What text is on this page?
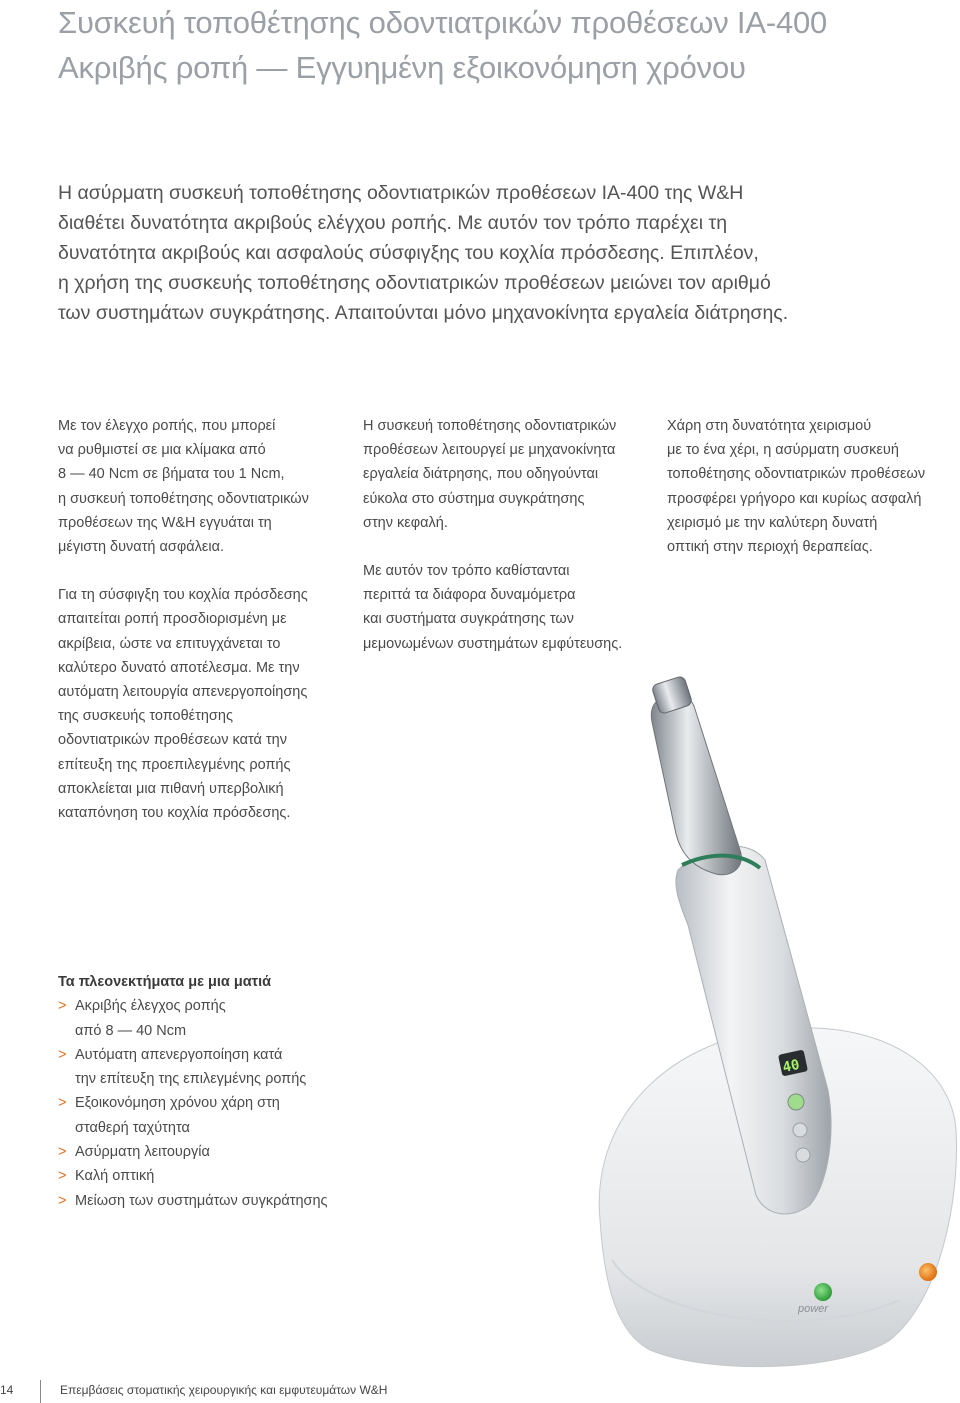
Συσκευή τοποθέτησης οδοντιατρικών προθέσεων IA-400
Ακριβής ροπή — Εγγυημένη εξοικονόμηση χρόνου

Η ασύρματη συσκευή τοποθέτησης οδοντιατρικών προθέσεων IA-400 της W&H
διαθέτει δυνατότητα ακριβούς ελέγχου ροπής. Με αυτόν τον τρόπο παρέχει τη
δυνατότητα ακριβούς και ασφαλούς σύσφιγξης του κοχλία πρόσδεσης. Επιπλέον,
η χρήση της συσκευής τοποθέτησης οδοντιατρικών προθέσεων μειώνει τον αριθμό
των συστημάτων συγκράτησης. Απαιτούνται μόνο μηχανοκίνητα εργαλεία διάτρησης.

Με τον έλεγχο ροπής, που μπορεί
να ρυθμιστεί σε μια κλίμακα από
8 — 40 Ncm σε βήματα του 1 Ncm,
η συσκευή τοποθέτησης οδοντιατρικών
προθέσεων της W&H εγγυάται τη
μέγιστη δυνατή ασφάλεια.

Για τη σύσφιγξη του κοχλία πρόσδεσης
απαιτείται ροπή προσδιορισμένη με
ακρίβεια, ώστε να επιτυγχάνεται το
καλύτερο δυνατό αποτέλεσμα. Με την
αυτόματη λειτουργία απενεργοποίησης
της συσκευής τοποθέτησης
οδοντιατρικών προθέσεων κατά την
επίτευξη της προεπιλεγμένης ροπής
αποκλείεται μια πιθανή υπερβολική
καταπόνηση του κοχλία πρόσδεσης.

Η συσκευή τοποθέτησης οδοντιατρικών
προθέσεων λειτουργεί με μηχανοκίνητα
εργαλεία διάτρησης, που οδηγούνται
εύκολα στο σύστημα συγκράτησης
στην κεφαλή.

Με αυτόν τον τρόπο καθίστανται
περιττά τα διάφορα δυναμόμετρα
και συστήματα συγκράτησης των
μεμονωμένων συστημάτων εμφύτευσης.

Χάρη στη δυνατότητα χειρισμού
με το ένα χέρι, η ασύρματη συσκευή
τοποθέτησης οδοντιατρικών προθέσεων
προσφέρει γρήγορο και κυρίως ασφαλή
χειρισμό με την καλύτερη δυνατή
οπτική στην περιοχή θεραπείας.

power
40
Τα πλεονεκτήματα με μια ματιά
> Ακριβής έλεγχος ροπής
από 8 — 40 Ncm
> Αυτόματη απενεργοποίηση κατά
την επίτευξη της επιλεγμένης ροπής
> Εξοικονόμηση χρόνου χάρη στη
σταθερή ταχύτητα
> Ασύρματη λειτουργία
> Καλή οπτική
> Μείωση των συστημάτων συγκράτησης
14	Επεμβάσεις στοματικής χειρουργικής και εμφυτευμάτων W&H
